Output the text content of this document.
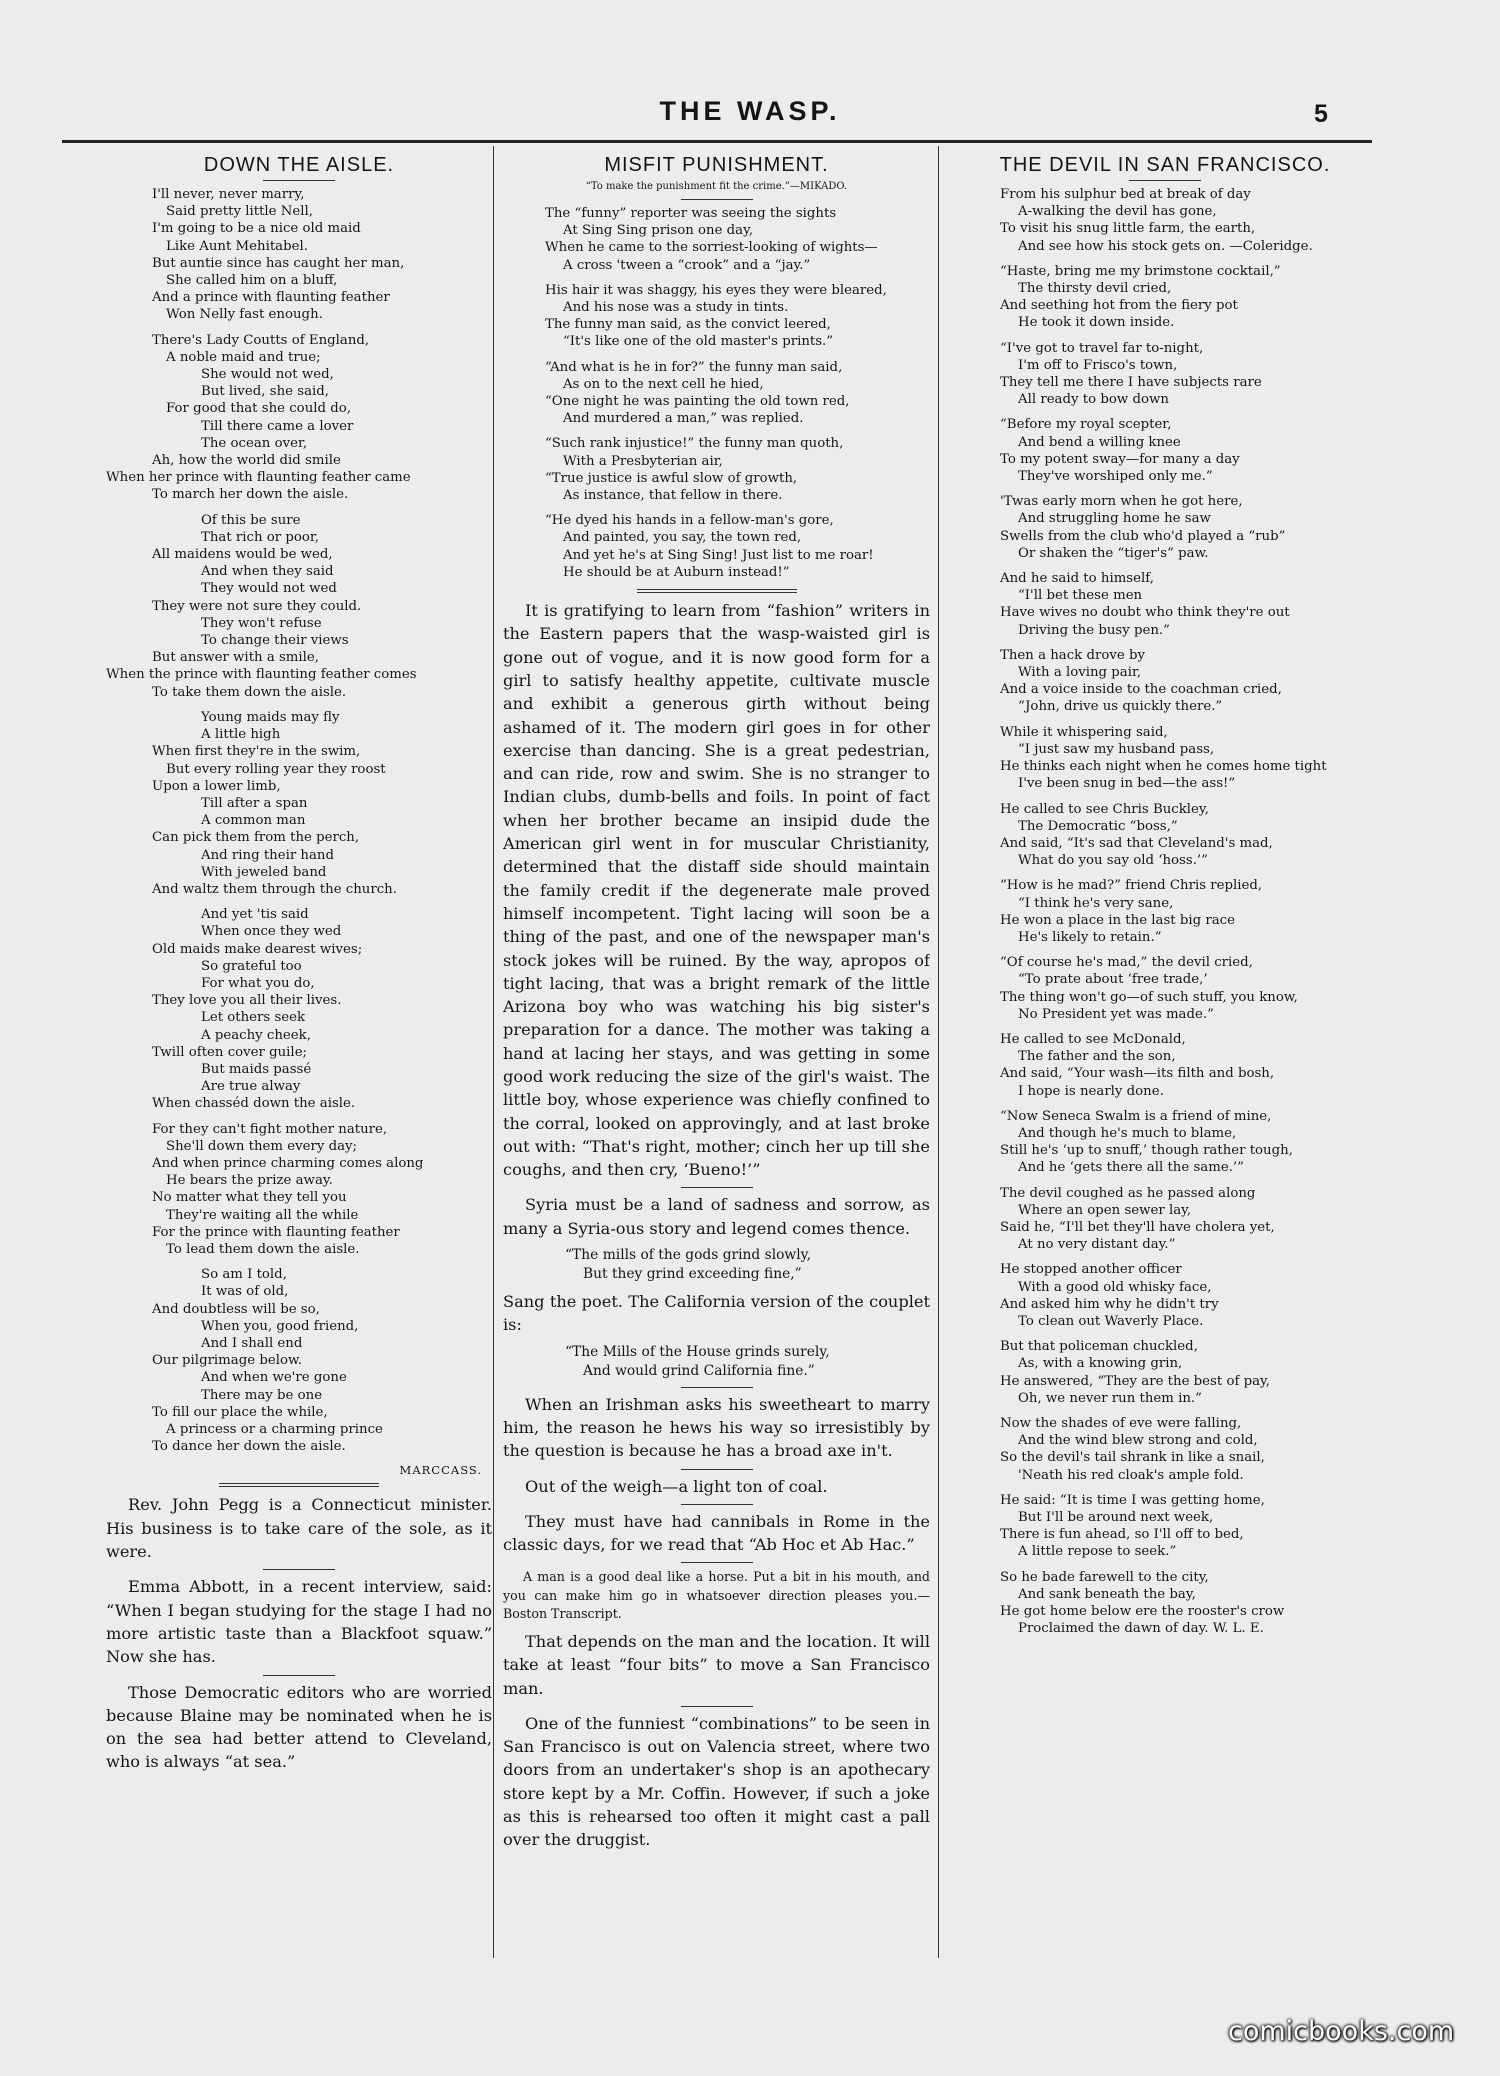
THE WASP.	5
DOWN THE AISLE.
I'll never, never marry,
Said pretty little Nell,
I'm going to be a nice old maid
Like Aunt Mehitabel.
But auntie since has caught her man,
She called him on a bluff,
And a prince with flaunting feather
Won Nelly fast enough.
There's Lady Coutts of England,
A noble maid and true;
She would not wed,
But lived, she said,
For good that she could do,
Till there came a lover
The ocean over,
Ah, how the world did smile
When her prince with flaunting feather came
To march her down the aisle.
Of this be sure
That rich or poor,
All maidens would be wed,
And when they said
They would not wed
They were not sure they could.
They won't refuse
To change their views
But answer with a smile,
When the prince with flaunting feather comes
To take them down the aisle.
Young maids may fly
A little high
When first they're in the swim,
But every rolling year they roost
Upon a lower limb,
Till after a span
A common man
Can pick them from the perch,
And ring their hand
With jeweled band
And waltz them through the church.
And yet 'tis said
When once they wed
Old maids make dearest wives;
So grateful too
For what you do,
They love you all their lives.
Let others seek
A peachy cheek,
Twill often cover guile;
But maids passé
Are true alway
When chasséd down the aisle.
For they can't fight mother nature,
She'll down them every day;
And when prince charming comes along
He bears the prize away.
No matter what they tell you
They're waiting all the while
For the prince with flaunting feather
To lead them down the aisle.
So am I told,
It was of old,
And doubtless will be so,
When you, good friend,
And I shall end
Our pilgrimage below.
And when we're gone
There may be one
To fill our place the while,
A princess or a charming prince
To dance her down the aisle.
MARCCASS.

Rev. John Pegg is a Connecticut minister. His business is to take care of the sole, as it were.

Emma Abbott, in a recent interview, said: “When I began studying for the stage I had no more artistic taste than a Blackfoot squaw.” Now she has.

Those Democratic editors who are worried because Blaine may be nominated when he is on the sea had better attend to Cleveland, who is always “at sea.”

MISFIT PUNISHMENT.
“To make the punishment fit the crime.”—MIKADO.
The “funny” reporter was seeing the sights
At Sing Sing prison one day,
When he came to the sorriest-looking of wights—
A cross 'tween a “crook” and a “jay.”
His hair it was shaggy, his eyes they were bleared,
And his nose was a study in tints.
The funny man said, as the convict leered,
“It's like one of the old master's prints.”
“And what is he in for?” the funny man said,
As on to the next cell he hied,
“One night he was painting the old town red,
And murdered a man,” was replied.
“Such rank injustice!” the funny man quoth,
With a Presbyterian air,
“True justice is awful slow of growth,
As instance, that fellow in there.
“He dyed his hands in a fellow-man's gore,
And painted, you say, the town red,
And yet he's at Sing Sing! Just list to me roar!
He should be at Auburn instead!”

It is gratifying to learn from “fashion” writers in the Eastern papers that the wasp-waisted girl is gone out of vogue, and it is now good form for a girl to satisfy healthy appetite, cultivate muscle and exhibit a generous girth without being ashamed of it. The modern girl goes in for other exercise than dancing. She is a great pedestrian, and can ride, row and swim. She is no stranger to Indian clubs, dumb-bells and foils. In point of fact when her brother became an insipid dude the American girl went in for muscular Christianity, determined that the distaff side should maintain the family credit if the degenerate male proved himself incompetent. Tight lacing will soon be a thing of the past, and one of the newspaper man's stock jokes will be ruined. By the way, apropos of tight lacing, that was a bright remark of the little Arizona boy who was watching his big sister's preparation for a dance. The mother was taking a hand at lacing her stays, and was getting in some good work reducing the size of the girl's waist. The little boy, whose experience was chiefly confined to the corral, looked on approvingly, and at last broke out with: “That's right, mother; cinch her up till she coughs, and then cry, ‘Bueno!’”

Syria must be a land of sadness and sorrow, as many a Syria-ous story and legend comes thence.

“The mills of the gods grind slowly,
But they grind exceeding fine,”

Sang the poet. The California version of the couplet is:

“The Mills of the House grinds surely,
And would grind California fine.”

When an Irishman asks his sweetheart to marry him, the reason he hews his way so irresistibly by the question is because he has a broad axe in't.

Out of the weigh—a light ton of coal.

They must have had cannibals in Rome in the classic days, for we read that “Ab Hoc et Ab Hac.”

A man is a good deal like a horse. Put a bit in his mouth, and you can make him go in whatsoever direction pleases you.—Boston Transcript.

That depends on the man and the location. It will take at least “four bits” to move a San Francisco man.

One of the funniest “combinations” to be seen in San Francisco is out on Valencia street, where two doors from an undertaker's shop is an apothecary store kept by a Mr. Coffin. However, if such a joke as this is rehearsed too often it might cast a pall over the druggist.

THE DEVIL IN SAN FRANCISCO.
From his sulphur bed at break of day
A-walking the devil has gone,
To visit his snug little farm, the earth,
And see how his stock gets on. —Coleridge.
“Haste, bring me my brimstone cocktail,”
The thirsty devil cried,
And seething hot from the fiery pot
He took it down inside.
“I've got to travel far to-night,
I'm off to Frisco's town,
They tell me there I have subjects rare
All ready to bow down
“Before my royal scepter,
And bend a willing knee
To my potent sway—for many a day
They've worshiped only me.”
'Twas early morn when he got here,
And struggling home he saw
Swells from the club who'd played a “rub”
Or shaken the “tiger's” paw.
And he said to himself,
“I'll bet these men
Have wives no doubt who think they're out
Driving the busy pen.”
Then a hack drove by
With a loving pair,
And a voice inside to the coachman cried,
“John, drive us quickly there.”
While it whispering said,
“I just saw my husband pass,
He thinks each night when he comes home tight
I've been snug in bed—the ass!”
He called to see Chris Buckley,
The Democratic “boss,”
And said, “It's sad that Cleveland's mad,
What do you say old ‘hoss.’”
“How is he mad?” friend Chris replied,
“I think he's very sane,
He won a place in the last big race
He's likely to retain.”
“Of course he's mad,” the devil cried,
“To prate about ‘free trade,’
The thing won't go—of such stuff, you know,
No President yet was made.”
He called to see McDonald,
The father and the son,
And said, “Your wash—its filth and bosh,
I hope is nearly done.
“Now Seneca Swalm is a friend of mine,
And though he's much to blame,
Still he's ‘up to snuff,’ though rather tough,
And he ‘gets there all the same.’”
The devil coughed as he passed along
Where an open sewer lay,
Said he, “I'll bet they'll have cholera yet,
At no very distant day.”
He stopped another officer
With a good old whisky face,
And asked him why he didn't try
To clean out Waverly Place.
But that policeman chuckled,
As, with a knowing grin,
He answered, “They are the best of pay,
Oh, we never run them in.”
Now the shades of eve were falling,
And the wind blew strong and cold,
So the devil's tail shrank in like a snail,
'Neath his red cloak's ample fold.
He said: “It is time I was getting home,
But I'll be around next week,
There is fun ahead, so I'll off to bed,
A little repose to seek.”
So he bade farewell to the city,
And sank beneath the bay,
He got home below ere the rooster's crow
Proclaimed the dawn of day. W. L. E.
comicbooks.com
